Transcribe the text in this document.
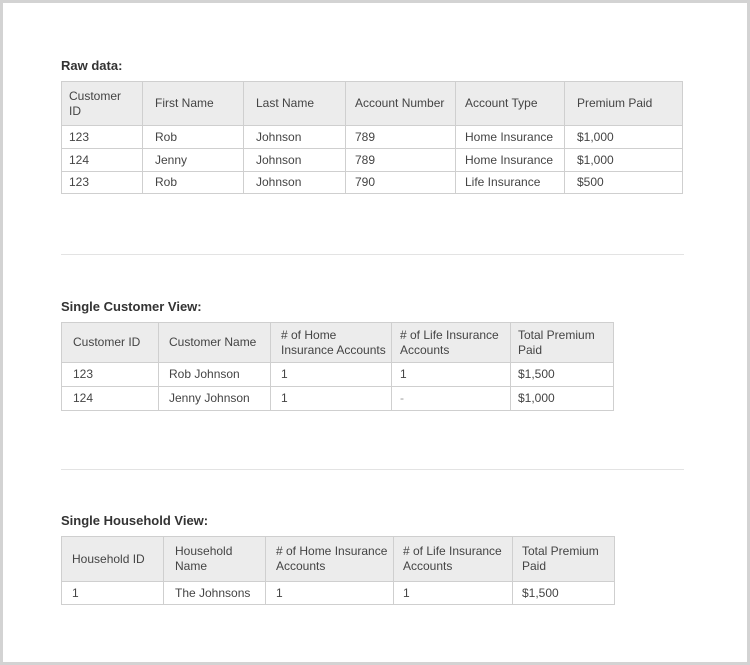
Raw data:
Customer ID	First Name	Last Name	Account Number	Account Type	Premium Paid
123	Rob	Johnson	789	Home Insurance	$1,000
124	Jenny	Johnson	789	Home Insurance	$1,000
123	Rob	Johnson	790	Life Insurance	$500
Single Customer View:
Customer ID	Customer Name	# of Home Insurance Accounts	# of Life Insurance Accounts	Total Premium Paid
123	Rob Johnson	1	1	$1,500
124	Jenny Johnson	1	-	$1,000
Single Household View:
Household ID	Household Name	# of Home Insurance Accounts	# of Life Insurance Accounts	Total Premium Paid
1	The Johnsons	1	1	$1,500
